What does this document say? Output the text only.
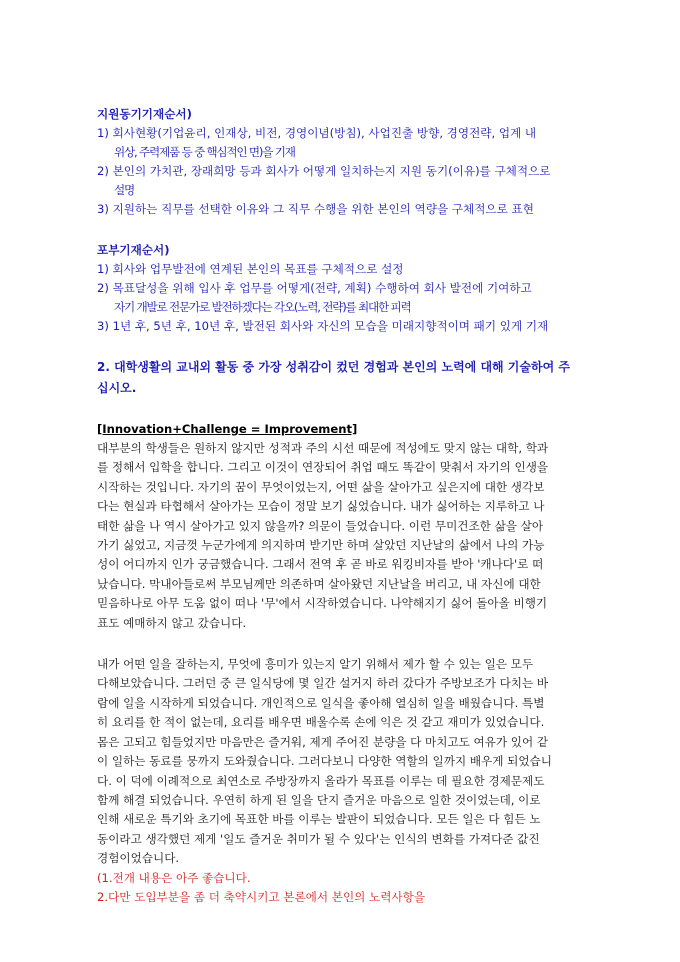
지원동기기재순서)
1) 회사현황(기업윤리, 인재상, 비전, 경영이념(방침), 사업진출 방향, 경영전략, 업계 내
위상, 주력제품 등 중 핵심적인 면)을 기재
2) 본인의 가치관, 장래희망 등과 회사가 어떻게 일치하는지 지원 동기(이유)를 구체적으로
설명
3) 지원하는 직무를 선택한 이유와 그 직무 수행을 위한 본인의 역량을 구체적으로 표현
포부기재순서)
1) 회사와 업무발전에 연계된 본인의 목표를 구체적으로 설정
2) 목표달성을 위해 입사 후 업무를 어떻게(전략, 계획) 수행하여 회사 발전에 기여하고
자기 개발로 전문가로 발전하겠다는 각오(노력, 전략)를 최대한 피력
3) 1년 후, 5년 후, 10년 후, 발전된 회사와 자신의 모습을 미래지향적이며 패기 있게 기재
2. 대학생활의 교내외 활동 중 가장 성취감이 컸던 경험과 본인의 노력에 대해 기술하여 주
십시오.
[Innovation+Challenge = Improvement]
대부분의 학생들은 원하지 않지만 성적과 주의 시선 때문에 적성에도 맞지 않는 대학, 학과
를 정해서 입학을 합니다. 그리고 이것이 연장되어 취업 때도 똑같이 맞춰서 자기의 인생을
시작하는 것입니다. 자기의 꿈이 무엇이었는지, 어떤 삶을 살아가고 싶은지에 대한 생각보
다는 현실과 타협해서 살아가는 모습이 정말 보기 싫었습니다. 내가 싫어하는 지루하고 나
태한 삶을 나 역시 살아가고 있지 않을까? 의문이 들었습니다. 이런 무미건조한 삶을 살아
가기 싫었고, 지금껏 누군가에게 의지하며 받기만 하며 살았던 지난날의 삶에서 나의 가능
성이 어디까지 인가 궁금했습니다. 그래서 전역 후 곧 바로 워킹비자를 받아 '캐나다'로 떠
났습니다. 막내아들로써 부모님께만 의존하며 살아왔던 지난날을 버리고, 내 자신에 대한
믿음하나로 아무 도움 없이 떠나 '무'에서 시작하였습니다. 나약해지기 싫어 돌아올 비행기
표도 예매하지 않고 갔습니다.
내가 어떤 일을 잘하는지, 무엇에 흥미가 있는지 알기 위해서 제가 할 수 있는 일은 모두
다해보았습니다. 그러던 중 큰 일식당에 몇 일간 설거지 하러 갔다가 주방보조가 다치는 바
람에 일을 시작하게 되었습니다. 개인적으로 일식을 좋아해 열심히 일을 배웠습니다. 특별
히 요리를 한 적이 없는데, 요리를 배우면 배울수록 손에 익은 것 같고 재미가 있었습니다.
몸은 고되고 힘들었지만 마음만은 즐거워, 제게 주어진 분량을 다 마치고도 여유가 있어 같
이 일하는 동료를 뭉까지 도와줬습니다. 그러다보니 다양한 역할의 일까지 배우게 되었습니
다. 이 덕에 이례적으로 최연소로 주방장까지 올라가 목표를 이루는 데 필요한 경제문제도
함께 해결 되었습니다. 우연히 하게 된 일을 단지 즐거운 마음으로 일한 것이었는데, 이로
인해 새로운 특기와 초기에 목표한 바를 이루는 발판이 되었습니다. 모든 일은 다 힘든 노
동이라고 생각했던 제게 '일도 즐거운 취미가 될 수 있다'는 인식의 변화를 가져다준 값진
경험이었습니다.
(1.전개 내용은 아주 좋습니다.
2.다만 도입부분을 좀 더 축약시키고 본론에서 본인의 노력사항을
